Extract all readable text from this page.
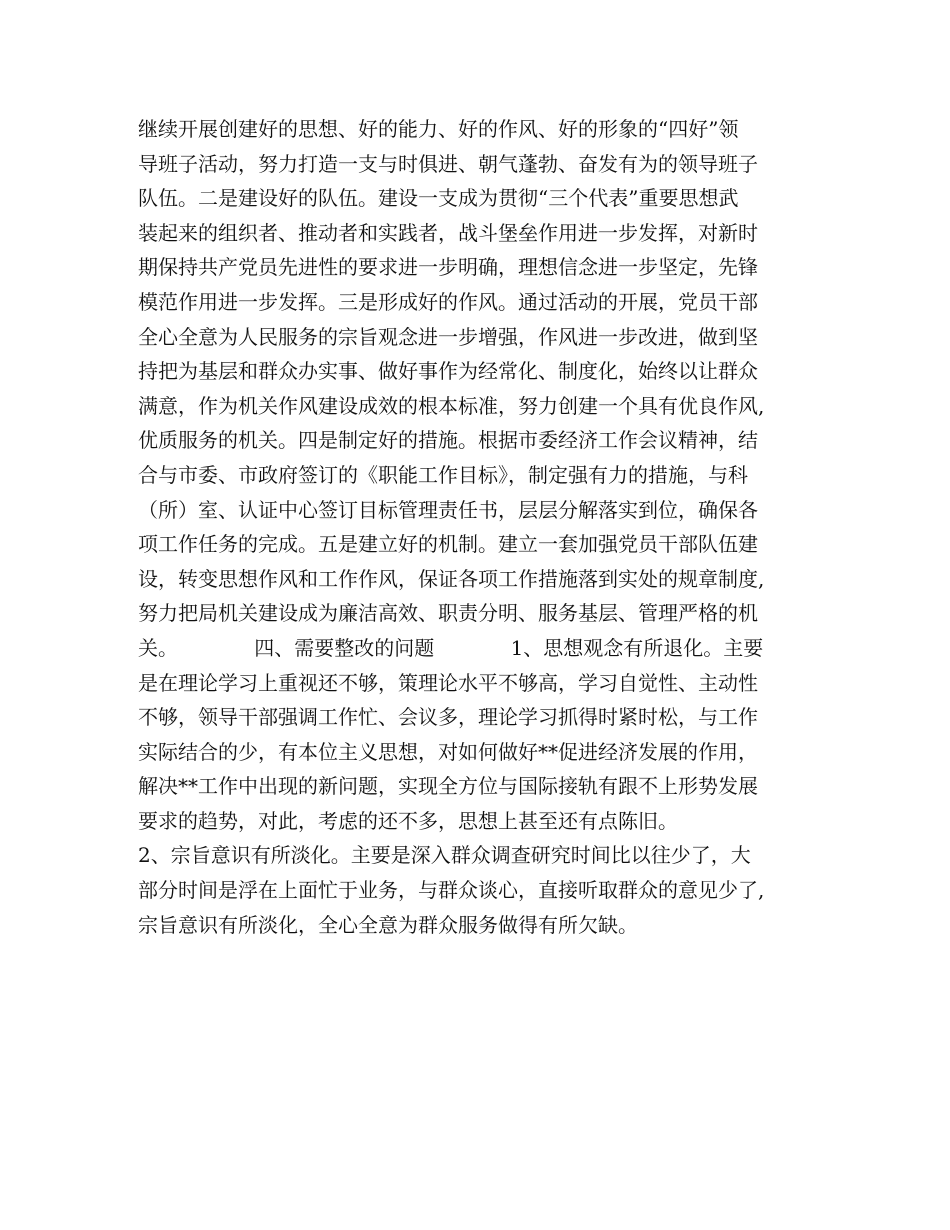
继续开展创建好的思想、好的能力、好的作风、好的形象的“四好”领
导班子活动，努力打造一支与时俱进、朝气蓬勃、奋发有为的领导班子
队伍。二是建设好的队伍。建设一支成为贯彻“三个代表”重要思想武
装起来的组织者、推动者和实践者，战斗堡垒作用进一步发挥，对新时
期保持共产党员先进性的要求进一步明确，理想信念进一步坚定，先锋
模范作用进一步发挥。三是形成好的作风。通过活动的开展，党员干部
全心全意为人民服务的宗旨观念进一步增强，作风进一步改进，做到坚
持把为基层和群众办实事、做好事作为经常化、制度化，始终以让群众
满意，作为机关作风建设成效的根本标准，努力创建一个具有优良作风,
优质服务的机关。四是制定好的措施。根据市委经济工作会议精神，结
合与市委、市政府签订的《职能工作目标》，制定强有力的措施，与科
（所）室、认证中心签订目标管理责任书，层层分解落实到位，确保各
项工作任务的完成。五是建立好的机制。建立一套加强党员干部队伍建
设，转变思想作风和工作作风，保证各项工作措施落到实处的规章制度,
努力把局机关建设成为廉洁高效、职责分明、服务基层、管理严格的机
关。            四、需要整改的问题            1、思想观念有所退化。主要
是在理论学习上重视还不够，策理论水平不够高，学习自觉性、主动性
不够，领导干部强调工作忙、会议多，理论学习抓得时紧时松，与工作
实际结合的少，有本位主义思想，对如何做好**促进经济发展的作用，
解决**工作中出现的新问题，实现全方位与国际接轨有跟不上形势发展
要求的趋势，对此，考虑的还不多，思想上甚至还有点陈旧。
2、宗旨意识有所淡化。主要是深入群众调查研究时间比以往少了，大
部分时间是浮在上面忙于业务，与群众谈心，直接听取群众的意见少了,
宗旨意识有所淡化，全心全意为群众服务做得有所欠缺。
